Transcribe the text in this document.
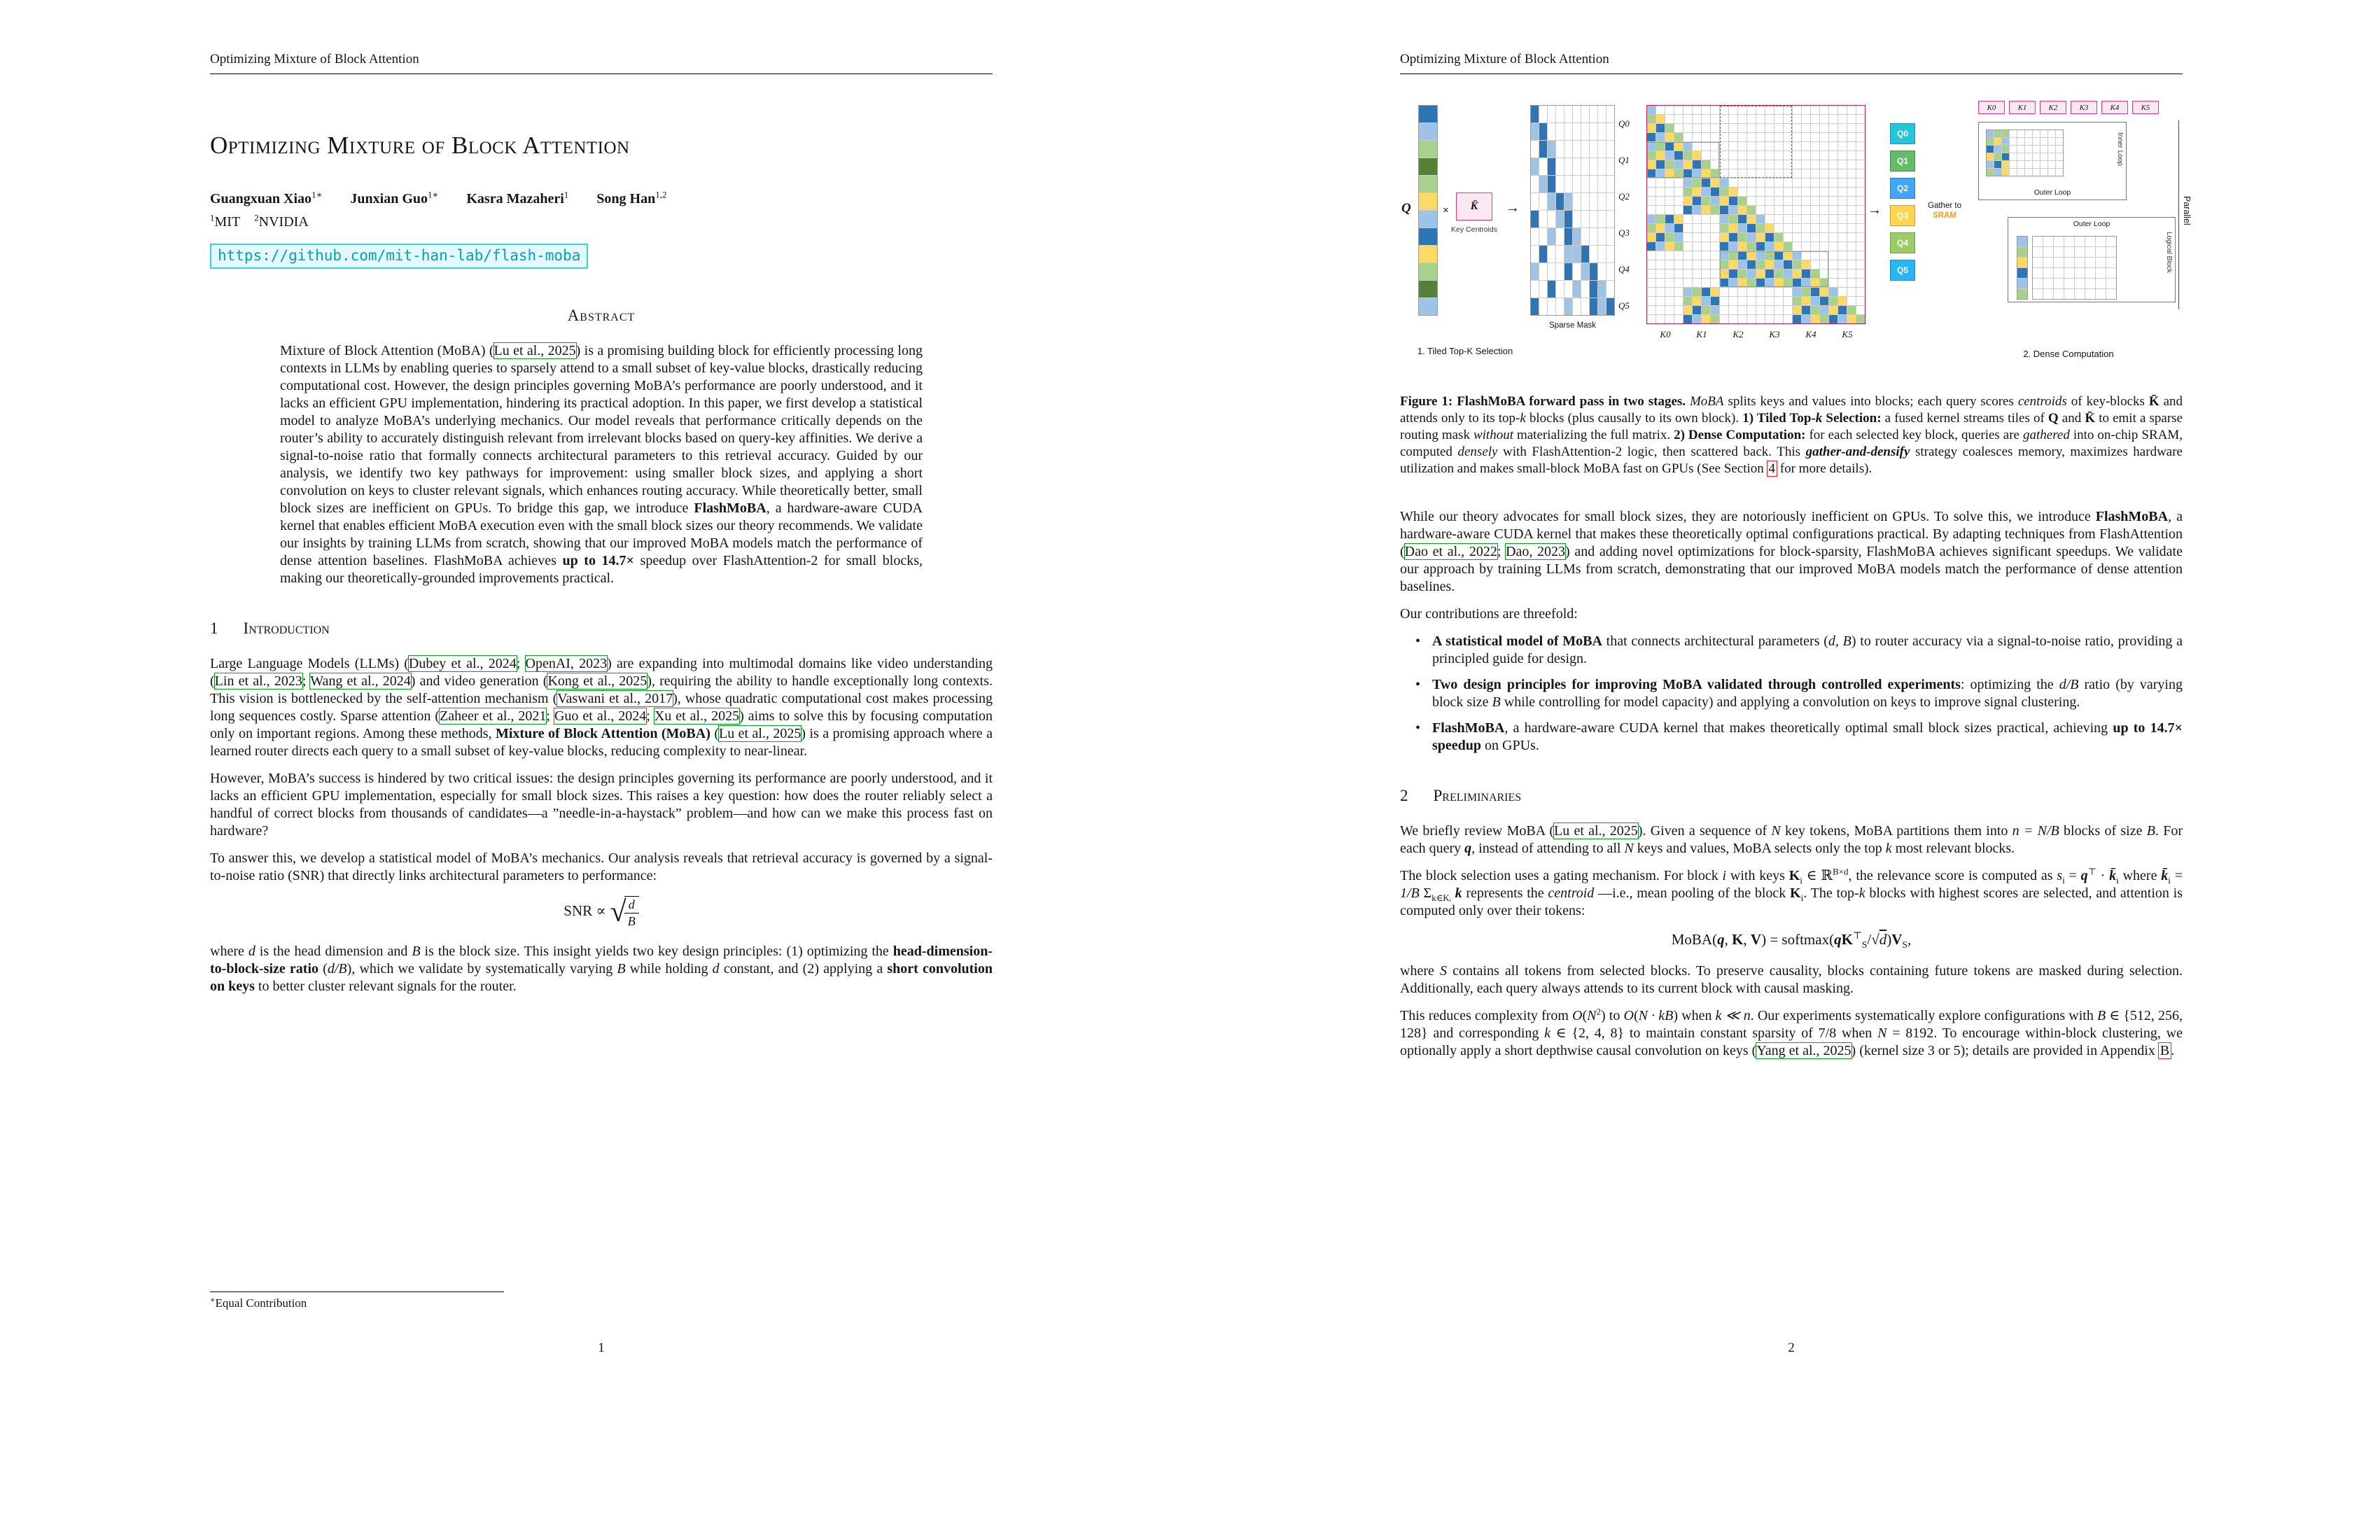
Optimizing Mixture of Block Attention
Optimizing Mixture of Block Attention
Guangxuan Xiao$^{1∗}$   Junxian Guo$^{1∗}$   Kasra Mazaheri$^1$   Song Han$^{1,2}$
$^1$MIT  $^2$NVIDIA
https://github.com/mit-han-lab/flash-moba
Abstract
Mixture of Block Attention (MoBA) (Lu et al., 2025) is a promising building block for efficiently processing long contexts in LLMs by enabling queries to sparsely attend to a small subset of key-value blocks, drastically reducing computational cost. However, the design principles governing MoBA’s performance are poorly understood, and it lacks an efficient GPU implementation, hindering its practical adoption. In this paper, we first develop a statistical model to analyze MoBA’s underlying mechanics. Our model reveals that performance critically depends on the router’s ability to accurately distinguish relevant from irrelevant blocks based on query-key affinities. We derive a signal-to-noise ratio that formally connects architectural parameters to this retrieval accuracy. Guided by our analysis, we identify two key pathways for improvement: using smaller block sizes, and applying a short convolution on keys to cluster relevant signals, which enhances routing accuracy. While theoretically better, small block sizes are inefficient on GPUs. To bridge this gap, we introduce FlashMoBA, a hardware-aware CUDA kernel that enables efficient MoBA execution even with the small block sizes our theory recommends. We validate our insights by training LLMs from scratch, showing that our improved MoBA models match the performance of dense attention baselines. FlashMoBA achieves up to 14.7× speedup over FlashAttention-2 for small blocks, making our theoretically-grounded improvements practical.
1 Introduction

Large Language Models (LLMs) (Dubey et al., 2024; OpenAI, 2023) are expanding into multimodal domains like video understanding (Lin et al., 2023; Wang et al., 2024) and video generation (Kong et al., 2025), requiring the ability to handle exceptionally long contexts. This vision is bottlenecked by the self-attention mechanism (Vaswani et al., 2017), whose quadratic computational cost makes processing long sequences costly. Sparse attention (Zaheer et al., 2021; Guo et al., 2024; Xu et al., 2025) aims to solve this by focusing computation only on important regions. Among these methods, Mixture of Block Attention (MoBA) (Lu et al., 2025) is a promising approach where a learned router directs each query to a small subset of key-value blocks, reducing complexity to near-linear.

However, MoBA’s success is hindered by two critical issues: the design principles governing its performance are poorly understood, and it lacks an efficient GPU implementation, especially for small block sizes. This raises a key question: how does the router reliably select a handful of correct blocks from thousands of candidates—a ”needle-in-a-haystack” problem—and how can we make this process fast on hardware?

To answer this, we develop a statistical model of MoBA’s mechanics. Our analysis reveals that retrieval accuracy is governed by a signal-to-noise ratio (SNR) that directly links architectural parameters to performance:

SNR ∝ √
$\frac{d}{B}$

where d is the head dimension and B is the block size. This insight yields two key design principles: (1) optimizing the head-dimension-to-block-size ratio (d/B), which we validate by systematically varying B while holding d constant, and (2) applying a short convolution on keys to better cluster relevant signals for the router.

∗Equal Contribution
1
Optimizing Mixture of Block Attention
Q	× K̄
Key Centroids
→
Sparse Mask
1. Tiled Top-K Selection
Q0
Q1
Q2
Q3
Q4
Q5
K0	K1	K2	K3	K4	K5
→
Q0
Q1
Q2
Q3
Q4
Q5
Gather to
SRAM
K0	K1	K2	K3	K4	K5
Inner Loop
Outer Loop
Outer Loop
Logical Block
Parallel
2. Dense Computation

Figure 1: FlashMoBA forward pass in two stages. MoBA splits keys and values into blocks; each query scores centroids of key-blocks K̄ and attends only to its top-k blocks (plus causally to its own block). 1) Tiled Top-k Selection: a fused kernel streams tiles of Q and K̄ to emit a sparse routing mask without materializing the full matrix. 2) Dense Computation: for each selected key block, queries are gathered into on-chip SRAM, computed densely with FlashAttention-2 logic, then scattered back. This gather-and-densify strategy coalesces memory, maximizes hardware utilization and makes small-block MoBA fast on GPUs (See Section 4 for more details).

While our theory advocates for small block sizes, they are notoriously inefficient on GPUs. To solve this, we introduce FlashMoBA, a hardware-aware CUDA kernel that makes these theoretically optimal configurations practical. By adapting techniques from FlashAttention (Dao et al., 2022; Dao, 2023) and adding novel optimizations for block-sparsity, FlashMoBA achieves significant speedups. We validate our approach by training LLMs from scratch, demonstrating that our improved MoBA models match the performance of dense attention baselines.

Our contributions are threefold:

• A statistical model of MoBA that connects architectural parameters (d, B) to router accuracy via a signal-to-noise ratio, providing a principled guide for design.
• Two design principles for improving MoBA validated through controlled experiments: optimizing the d/B ratio (by varying block size B while controlling for model capacity) and applying a convolution on keys to improve signal clustering.
• FlashMoBA, a hardware-aware CUDA kernel that makes theoretically optimal small block sizes practical, achieving up to 14.7× speedup on GPUs.
2 Preliminaries

We briefly review MoBA (Lu et al., 2025). Given a sequence of N key tokens, MoBA partitions them into n = N/B blocks of size B. For each query q, instead of attending to all N keys and values, MoBA selects only the top k most relevant blocks.

The block selection uses a gating mechanism. For block i with keys $K_i$ ∈ ℝ$^{B\times d}$, the relevance score is computed as $s_i = q^⊤$ · $k̄_i$ where $k̄_i = 1/B$ $\Sigma_{k\in Kᵢ}$ k represents the centroid —i.e., mean pooling of the block $K_i$. The top-k blocks with highest scores are selected, and attention is computed only over their tokens:

MoBA(q, K, $V) = softmax(qK^⊤_S/√d)V_S$,

where S contains all tokens from selected blocks. To preserve causality, blocks containing future tokens are masked during selection. Additionally, each query always attends to its current block with causal masking.

This reduces complexity from $O(N^2)$ to O(N · kB) when k ≪ n. Our experiments systematically explore configurations with B ∈ {512, 256, 128} and corresponding k ∈ {2, 4, 8} to maintain constant sparsity of 7/8 when N = 8192. To encourage within-block clustering, we optionally apply a short depthwise causal convolution on keys (Yang et al., 2025) (kernel size 3 or 5); details are provided in Appendix B .

2
